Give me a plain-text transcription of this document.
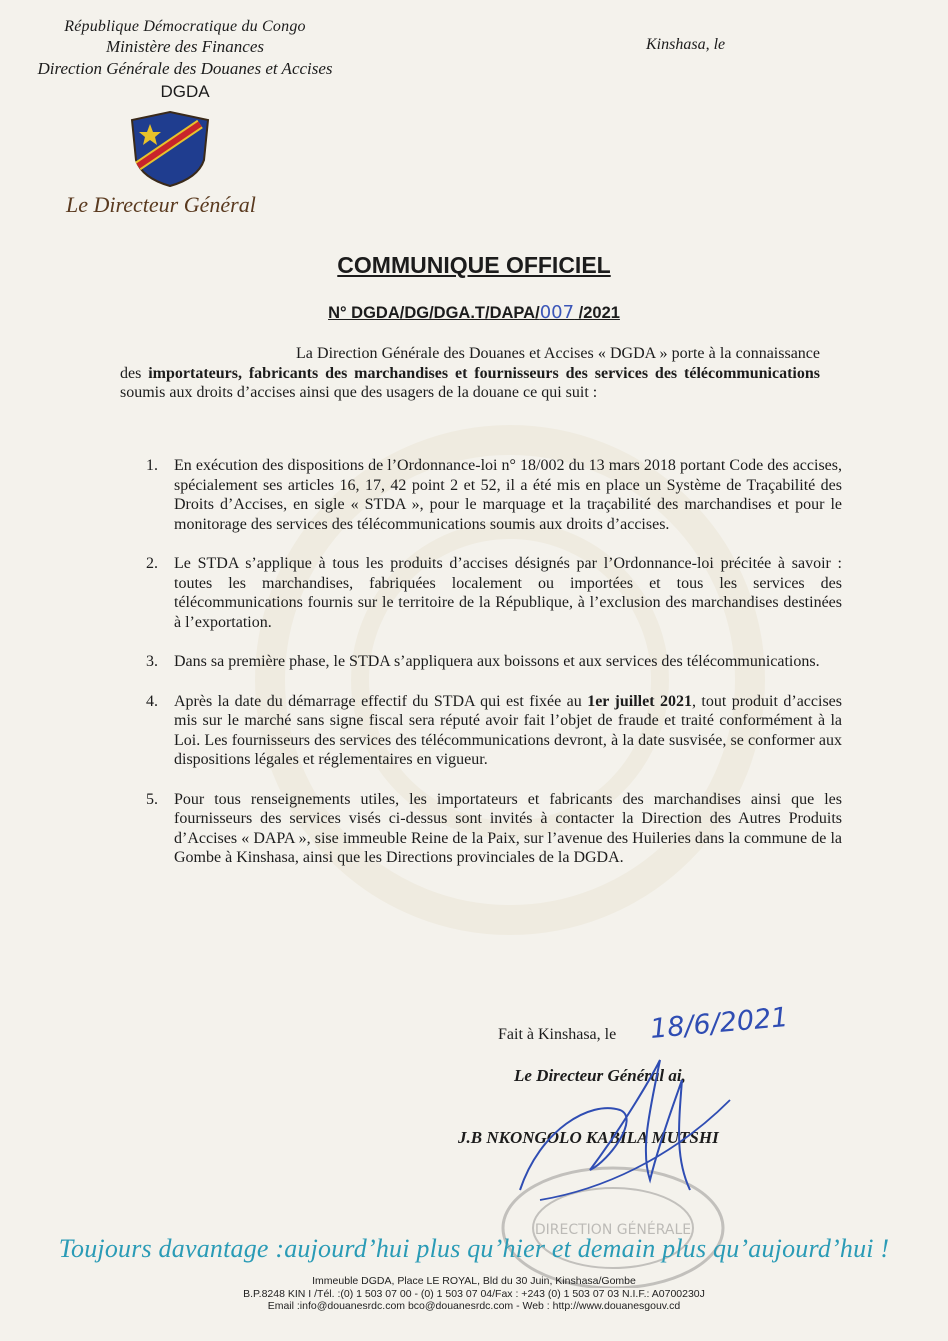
République Démocratique du Congo
Ministère des Finances
Direction Générale des Douanes et Accises
DGDA
Le Directeur Général
Kinshasa, le
COMMUNIQUE OFFICIEL
N° DGDA/DG/DGA.T/DAPA/007 /2021
La Direction Générale des Douanes et Accises « DGDA » porte à la connaissance des importateurs, fabricants des marchandises et fournisseurs des services des télécommunications soumis aux droits d’accises ainsi que des usagers de la douane ce qui suit :
1. En exécution des dispositions de l’Ordonnance-loi n° 18/002 du 13 mars 2018 portant Code des accises, spécialement ses articles 16, 17, 42 point 2 et 52, il a été mis en place un Système de Traçabilité des Droits d’Accises, en sigle « STDA », pour le marquage et la traçabilité des marchandises et pour le monitorage des services des télécommunications soumis aux droits d’accises.
2. Le STDA s’applique à tous les produits d’accises désignés par l’Ordonnance-loi précitée à savoir : toutes les marchandises, fabriquées localement ou importées et tous les services des télécommunications fournis sur le territoire de la République, à l’exclusion des marchandises destinées à l’exportation.
3. Dans sa première phase, le STDA s’appliquera aux boissons et aux services des télécommunications.
4. Après la date du démarrage effectif du STDA qui est fixée au 1er juillet 2021, tout produit d’accises mis sur le marché sans signe fiscal sera réputé avoir fait l’objet de fraude et traité conformément à la Loi. Les fournisseurs des services des télécommunications devront, à la date susvisée, se conformer aux dispositions légales et réglementaires en vigueur.
5. Pour tous renseignements utiles, les importateurs et fabricants des marchandises ainsi que les fournisseurs des services visés ci-dessus sont invités à contacter la Direction des Autres Produits d’Accises « DAPA », sise immeuble Reine de la Paix, sur l’avenue des Huileries dans la commune de la Gombe à Kinshasa, ainsi que les Directions provinciales de la DGDA.
Fait à Kinshasa, le 18/6/2021
DIRECTION GÉNÉRALE
Le Directeur Général ai,
J.B NKONGOLO KABILA MUTSHI
Toujours davantage :aujourd’hui plus qu’hier et demain plus qu’aujourd’hui !
Immeuble DGDA, Place LE ROYAL, Bld du 30 Juin, Kinshasa/Gombe
B.P.8248 KIN I /Tél. :(0) 1 503 07 00 - (0) 1 503 07 04/Fax : +243 (0) 1 503 07 03 N.I.F.: A0700230J
Email :info@douanesrdc.com bco@douanesrdc.com - Web : http://www.douanesgouv.cd
